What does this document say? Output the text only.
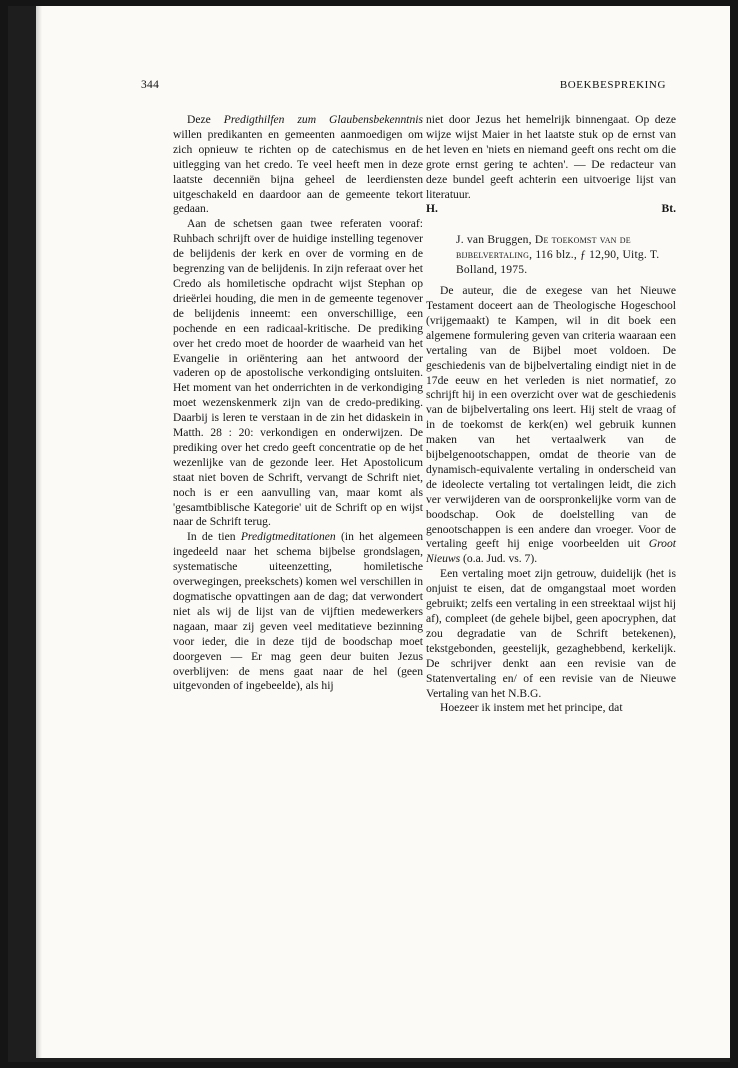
344	BOEKBESPREKING

Deze Predigthilfen zum Glaubensbekenntnis willen predikanten en gemeenten aanmoedigen om zich opnieuw te richten op de catechismus en de uitlegging van het credo. Te veel heeft men in deze laatste decenniën bijna geheel de leerdiensten uitgeschakeld en daardoor aan de gemeente tekort gedaan.

Aan de schetsen gaan twee referaten vooraf: Ruhbach schrijft over de huidige instelling tegenover de belijdenis der kerk en over de vorming en de begrenzing van de belijdenis. In zijn referaat over het Credo als homiletische opdracht wijst Stephan op drieërlei houding, die men in de gemeente tegenover de belijdenis inneemt: een onverschillige, een pochende en een radicaal-kritische. De prediking over het credo moet de hoorder de waarheid van het Evangelie in oriëntering aan het antwoord der vaderen op de apostolische verkondiging ontsluiten. Het moment van het onderrichten in de verkondiging moet wezenskenmerk zijn van de credo-prediking. Daarbij is leren te verstaan in de zin het didaskein in Matth. 28 : 20: verkondigen en onderwijzen. De prediking over het credo geeft concentratie op de het wezenlijke van de gezonde leer. Het Apostolicum staat niet boven de Schrift, vervangt de Schrift niet, noch is er een aanvulling van, maar komt als 'gesamtbiblische Kategorie' uit de Schrift op en wijst naar de Schrift terug.

In de tien Predigtmeditationen (in het algemeen ingedeeld naar het schema bijbelse grondslagen, systematische uiteenzetting, homiletische overwegingen, preekschets) komen wel verschillen in dogmatische opvattingen aan de dag; dat verwondert niet als wij de lijst van de vijftien medewerkers nagaan, maar zij geven veel meditatieve bezinning voor ieder, die in deze tijd de boodschap moet doorgeven — Er mag geen deur buiten Jezus overblijven: de mens gaat naar de hel (geen uitgevonden of ingebeelde), als hij

niet door Jezus het hemelrijk binnengaat. Op deze wijze wijst Maier in het laatste stuk op de ernst van het leven en 'niets en niemand geeft ons recht om die grote ernst gering te achten'. — De redacteur van deze bundel geeft achterin een uitvoerige lijst van literatuur.

H.	Bt.

J. van Bruggen, De toekomst van de bijbelvertaling, 116 blz., ƒ 12,90, Uitg. T. Bolland, 1975.

De auteur, die de exegese van het Nieuwe Testament doceert aan de Theologische Hogeschool (vrijgemaakt) te Kampen, wil in dit boek een algemene formulering geven van criteria waaraan een vertaling van de Bijbel moet voldoen. De geschiedenis van de bijbelvertaling eindigt niet in de 17de eeuw en het verleden is niet normatief, zo schrijft hij in een overzicht over wat de geschiedenis van de bijbelvertaling ons leert. Hij stelt de vraag of in de toekomst de kerk(en) wel gebruik kunnen maken van het vertaalwerk van de bijbelgenootschappen, omdat de theorie van de dynamisch-equivalente vertaling in onderscheid van de ideolecte vertaling tot vertalingen leidt, die zich ver verwijderen van de oorspronkelijke vorm van de boodschap. Ook de doelstelling van de genootschappen is een andere dan vroeger. Voor de vertaling geeft hij enige voorbeelden uit Groot Nieuws (o.a. Jud. vs. 7).

Een vertaling moet zijn getrouw, duidelijk (het is onjuist te eisen, dat de omgangstaal moet worden gebruikt; zelfs een vertaling in een streektaal wijst hij af), compleet (de gehele bijbel, geen apocryphen, dat zou degradatie van de Schrift betekenen), tekstgebonden, geestelijk, gezaghebbend, kerkelijk. De schrijver denkt aan een revisie van de Statenvertaling en/ of een revisie van de Nieuwe Vertaling van het N.B.G.

Hoezeer ik instem met het principe, dat
